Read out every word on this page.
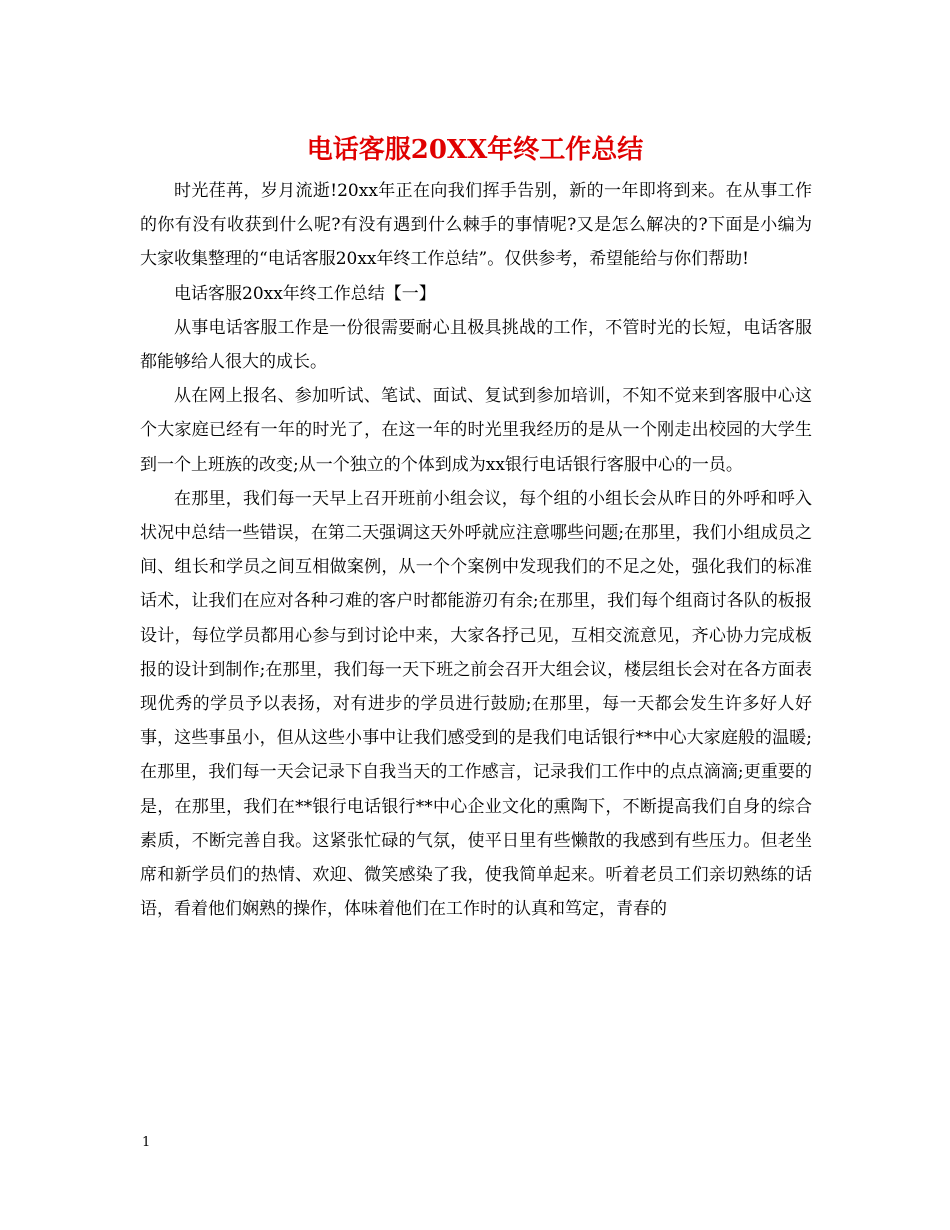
电话客服20XX年终工作总结

时光荏苒，岁月流逝!20xx年正在向我们挥手告别，新的一年即将到来。在从事工作的你有没有收获到什么呢?有没有遇到什么棘手的事情呢?又是怎么解决的?下面是小编为大家收集整理的“电话客服20xx年终工作总结”。仅供参考，希望能给与你们帮助!

电话客服20xx年终工作总结【一】

从事电话客服工作是一份很需要耐心且极具挑战的工作，不管时光的长短，电话客服都能够给人很大的成长。

从在网上报名、参加听试、笔试、面试、复试到参加培训，不知不觉来到客服中心这个大家庭已经有一年的时光了，在这一年的时光里我经历的是从一个刚走出校园的大学生到一个上班族的改变;从一个独立的个体到成为xx银行电话银行客服中心的一员。

在那里，我们每一天早上召开班前小组会议，每个组的小组长会从昨日的外呼和呼入状况中总结一些错误，在第二天强调这天外呼就应注意哪些问题;在那里，我们小组成员之间、组长和学员之间互相做案例，从一个个案例中发现我们的不足之处，强化我们的标准话术，让我们在应对各种刁难的客户时都能游刃有余;在那里，我们每个组商讨各队的板报设计，每位学员都用心参与到讨论中来，大家各抒己见，互相交流意见，齐心协力完成板报的设计到制作;在那里，我们每一天下班之前会召开大组会议，楼层组长会对在各方面表现优秀的学员予以表扬，对有进步的学员进行鼓励;在那里，每一天都会发生许多好人好事，这些事虽小，但从这些小事中让我们感受到的是我们电话银行**中心大家庭般的温暖;在那里，我们每一天会记录下自我当天的工作感言，记录我们工作中的点点滴滴;更重要的是，在那里，我们在**银行电话银行**中心企业文化的熏陶下，不断提高我们自身的综合素质，不断完善自我。这紧张忙碌的气氛，使平日里有些懒散的我感到有些压力。但老坐席和新学员们的热情、欢迎、微笑感染了我，使我简单起来。听着老员工们亲切熟练的话语，看着他们娴熟的操作，体味着他们在工作时的认真和笃定，青春的

1
